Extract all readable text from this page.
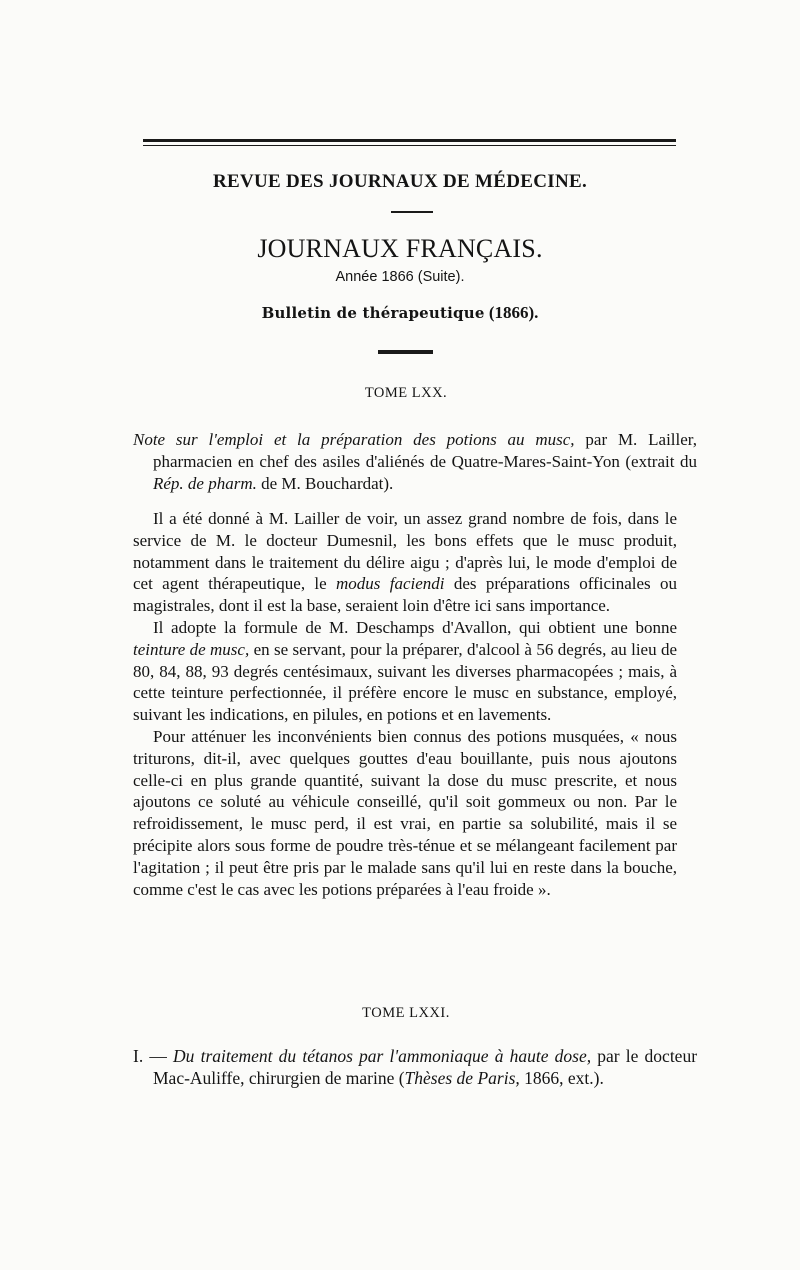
REVUE DES JOURNAUX DE MÉDECINE.
JOURNAUX FRANÇAIS.
Année 1866 (Suite).
Bulletin de thérapeutique (1866).
TOME LXX.
Note sur l'emploi et la préparation des potions au musc, par M. Lailler, pharmacien en chef des asiles d'aliénés de Quatre-Mares-Saint-Yon (extrait du Rép. de pharm. de M. Bouchardat).

Il a été donné à M. Lailler de voir, un assez grand nombre de fois, dans le service de M. le docteur Dumesnil, les bons effets que le musc produit, notamment dans le traitement du délire aigu ; d'après lui, le mode d'emploi de cet agent thérapeutique, le modus faciendi des préparations officinales ou magistrales, dont il est la base, seraient loin d'être ici sans importance.

Il adopte la formule de M. Deschamps d'Avallon, qui obtient une bonne teinture de musc, en se servant, pour la préparer, d'alcool à 56 degrés, au lieu de 80, 84, 88, 93 degrés centésimaux, suivant les diverses pharmacopées ; mais, à cette teinture perfectionnée, il préfère encore le musc en substance, employé, suivant les indications, en pilules, en potions et en lavements.

Pour atténuer les inconvénients bien connus des potions musquées, « nous triturons, dit-il, avec quelques gouttes d'eau bouillante, puis nous ajoutons celle-ci en plus grande quantité, suivant la dose du musc prescrite, et nous ajoutons ce soluté au véhicule conseillé, qu'il soit gommeux ou non. Par le refroidissement, le musc perd, il est vrai, en partie sa solubilité, mais il se précipite alors sous forme de poudre très-ténue et se mélangeant facilement par l'agitation ; il peut être pris par le malade sans qu'il lui en reste dans la bouche, comme c'est le cas avec les potions préparées à l'eau froide ».

TOME LXXI.
I. — Du traitement du tétanos par l'ammoniaque à haute dose, par le docteur Mac-Auliffe, chirurgien de marine (Thèses de Paris, 1866, ext.).
